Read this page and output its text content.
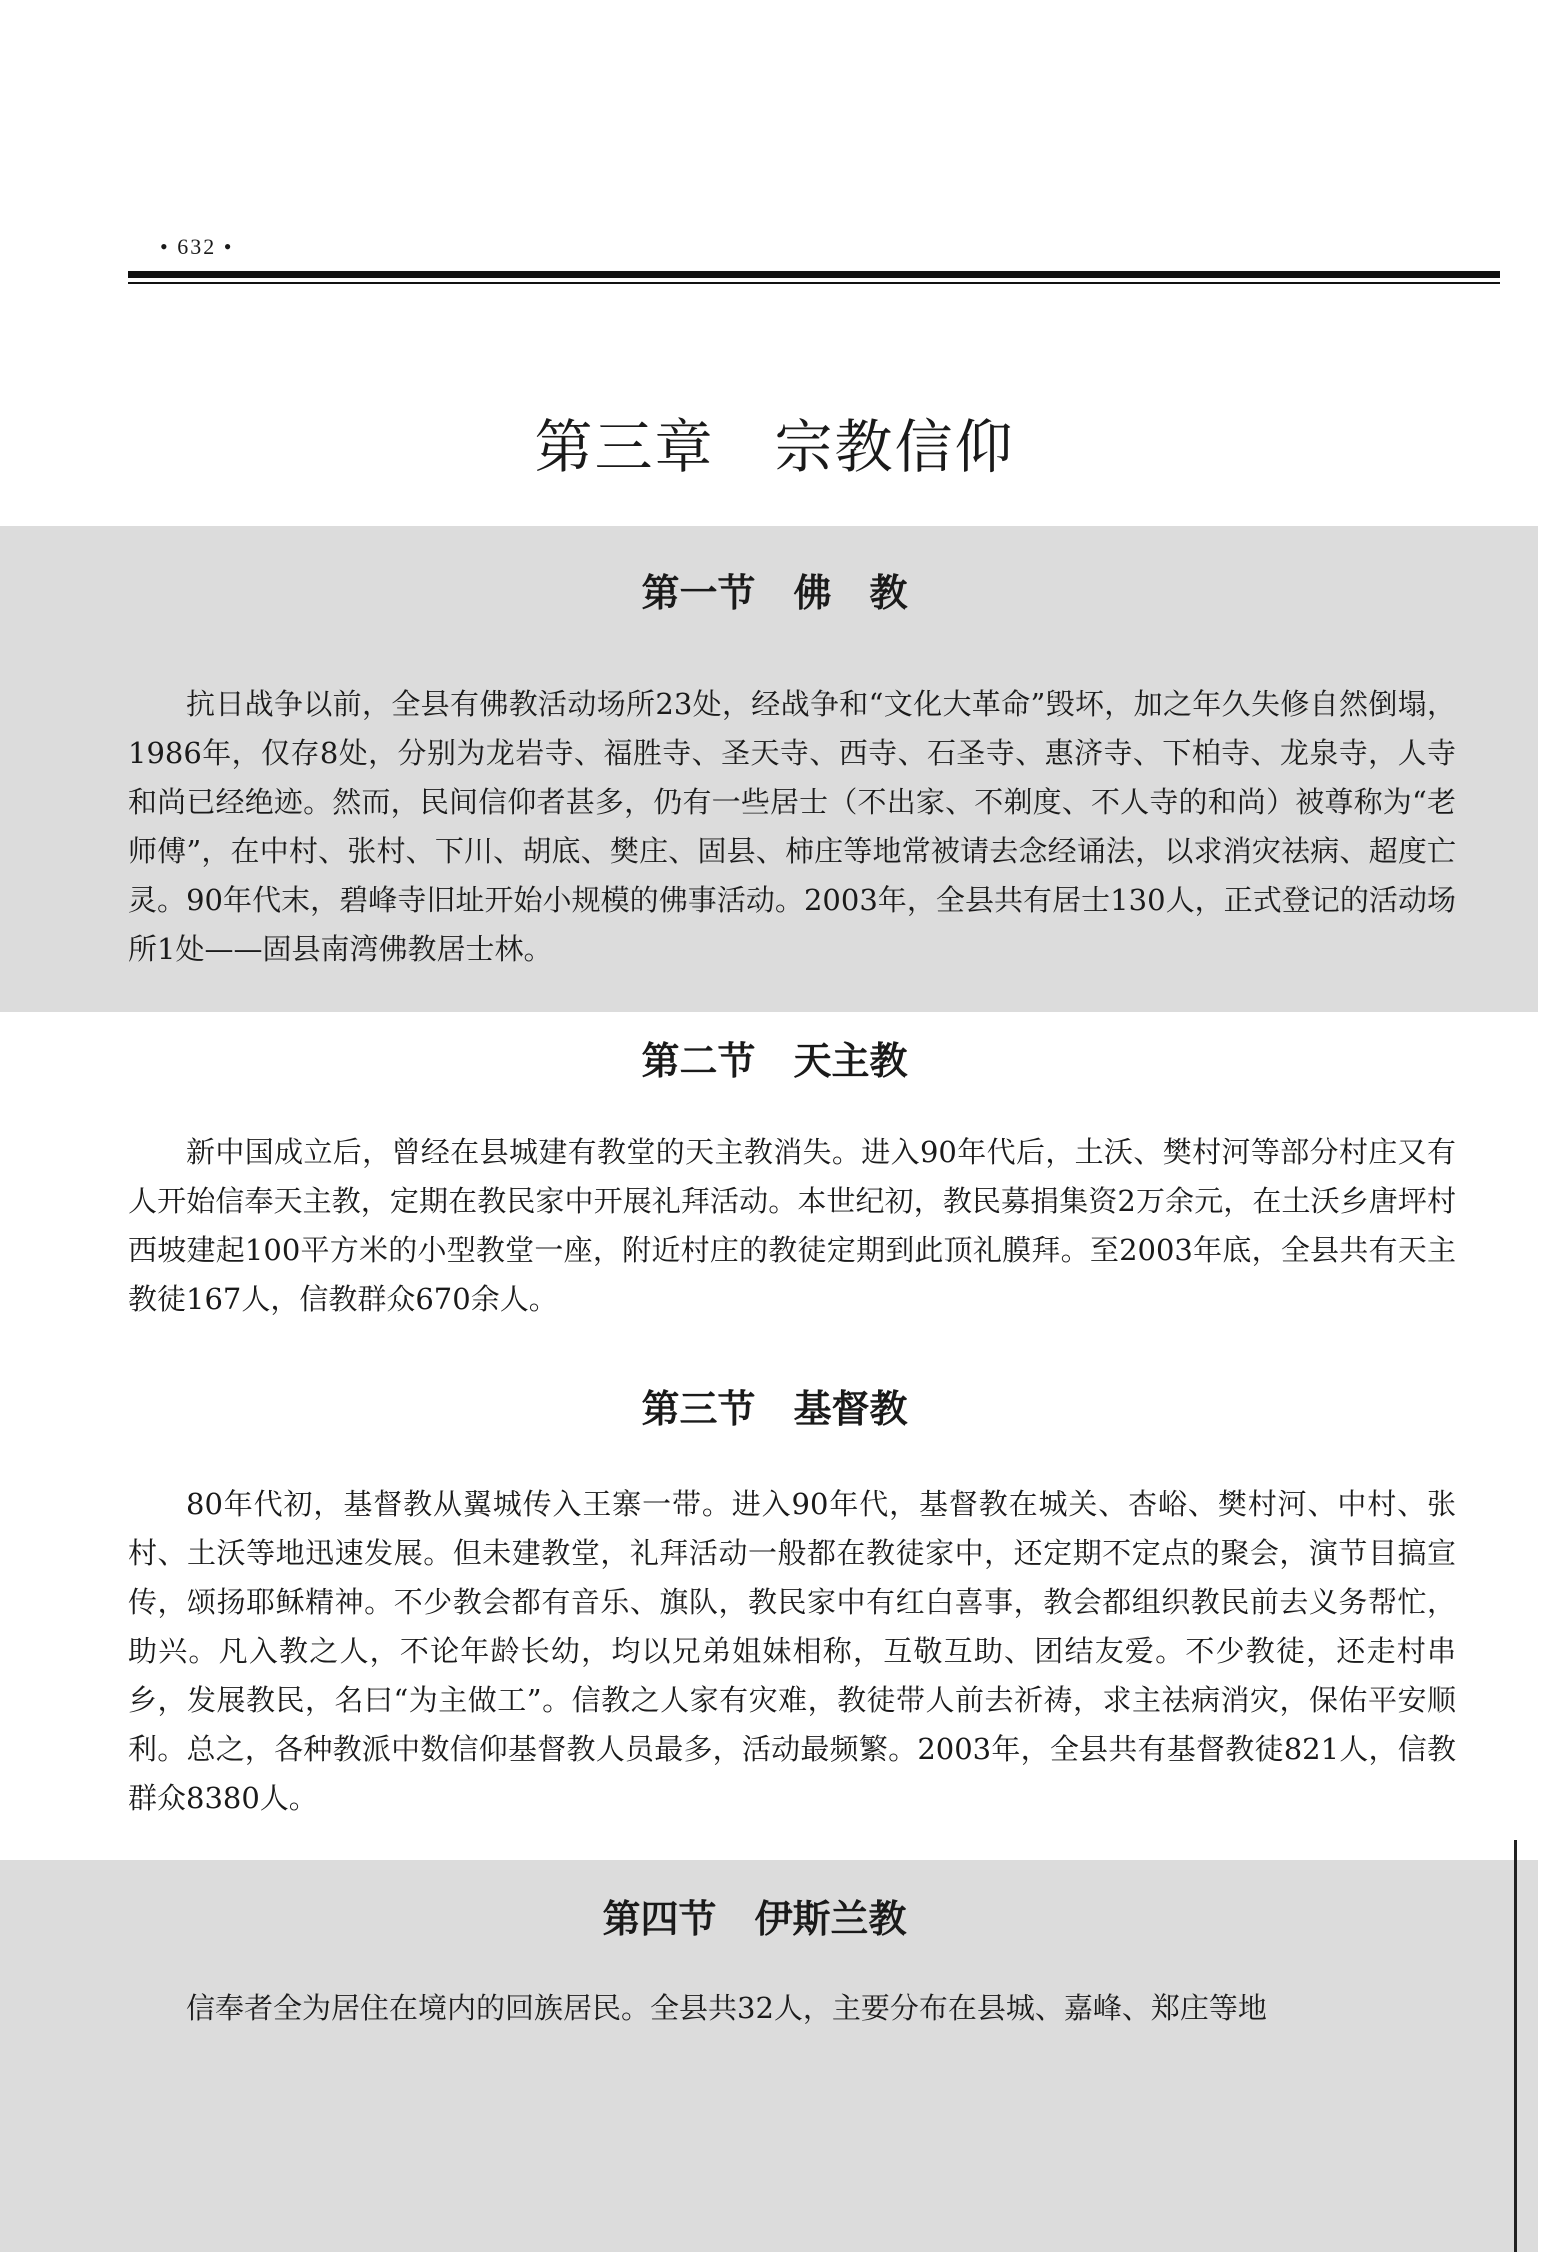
• 632 •
第三章　宗教信仰
第一节　佛　教
抗日战争以前，全县有佛教活动场所23处，经战争和“文化大革命”毁坏，加之年久失修自然倒塌，1986年，仅存8处，分别为龙岩寺、福胜寺、圣天寺、西寺、石圣寺、惠济寺、下柏寺、龙泉寺，人寺和尚已经绝迹。然而，民间信仰者甚多，仍有一些居士（不出家、不剃度、不人寺的和尚）被尊称为“老师傅”，在中村、张村、下川、胡底、樊庄、固县、柿庄等地常被请去念经诵法，以求消灾祛病、超度亡灵。90年代末，碧峰寺旧址开始小规模的佛事活动。2003年，全县共有居士130人，正式登记的活动场所1处——固县南湾佛教居士林。
第二节　天主教
新中国成立后，曾经在县城建有教堂的天主教消失。进入90年代后，土沃、樊村河等部分村庄又有人开始信奉天主教，定期在教民家中开展礼拜活动。本世纪初，教民募捐集资2万余元，在土沃乡唐坪村西坡建起100平方米的小型教堂一座，附近村庄的教徒定期到此顶礼膜拜。至2003年底，全县共有天主教徒167人，信教群众670余人。
第三节　基督教
80年代初，基督教从翼城传入王寨一带。进入90年代，基督教在城关、杏峪、樊村河、中村、张村、土沃等地迅速发展。但未建教堂，礼拜活动一般都在教徒家中，还定期不定点的聚会，演节目搞宣传，颂扬耶稣精神。不少教会都有音乐、旗队，教民家中有红白喜事，教会都组织教民前去义务帮忙，助兴。凡入教之人，不论年龄长幼，均以兄弟姐妹相称，互敬互助、团结友爱。不少教徒，还走村串乡，发展教民，名曰“为主做工”。信教之人家有灾难，教徒带人前去祈祷，求主祛病消灾，保佑平安顺利。总之，各种教派中数信仰基督教人员最多，活动最频繁。2003年，全县共有基督教徒821人，信教群众8380人。
第四节　伊斯兰教
信奉者全为居住在境内的回族居民。全县共32人，主要分布在县城、嘉峰、郑庄等地
